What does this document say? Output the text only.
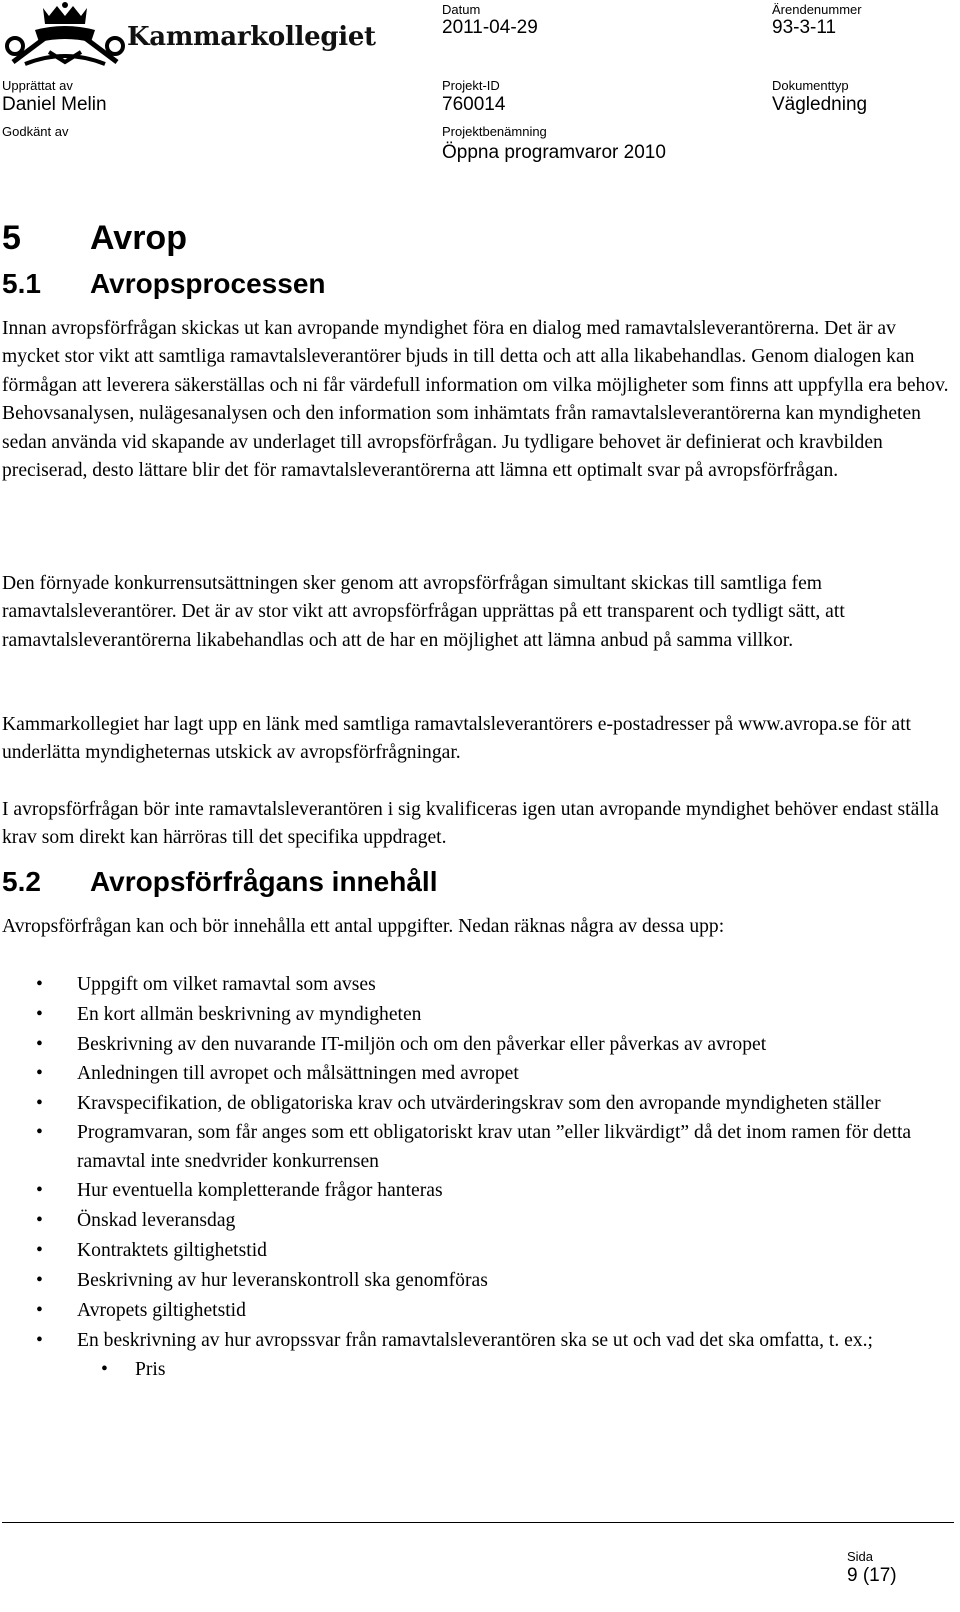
Kammarkollegiet
Datum
2011-04-29
Ärendenummer
93-3-11
Upprättat av
Daniel Melin
Projekt-ID
760014
Dokumenttyp
Vägledning
Godkänt av	Projektbenämning
Öppna programvaror 2010
5 Avrop
5.1 Avropsprocessen

Innan avropsförfrågan skickas ut kan avropande myndighet föra en dialog med ramavtalsleverantörerna. Det är av mycket stor vikt att samtliga ramavtalsleverantörer bjuds in till detta och att alla likabehandlas. Genom dialogen kan förmågan att leverera säkerställas och ni får värdefull information om vilka möjligheter som finns att uppfylla era behov. Behovsanalysen, nulägesanalysen och den information som inhämtats från ramavtalsleverantörerna kan myndigheten sedan använda vid skapande av underlaget till avropsförfrågan. Ju tydligare behovet är definierat och kravbilden preciserad, desto lättare blir det för ramavtalsleverantörerna att lämna ett optimalt svar på avropsförfrågan.

Den förnyade konkurrensutsättningen sker genom att avropsförfrågan simultant skickas till samtliga fem ramavtalsleverantörer. Det är av stor vikt att avropsförfrågan upprättas på ett transparent och tydligt sätt, att ramavtalsleverantörerna likabehandlas och att de har en möjlighet att lämna anbud på samma villkor.

Kammarkollegiet har lagt upp en länk med samtliga ramavtalsleverantörers e-postadresser på www.avropa.se för att underlätta myndigheternas utskick av avropsförfrågningar.

I avropsförfrågan bör inte ramavtalsleverantören i sig kvalificeras igen utan avropande myndighet behöver endast ställa krav som direkt kan härröras till det specifika uppdraget.

5.2 Avropsförfrågans innehåll

Avropsförfrågan kan och bör innehålla ett antal uppgifter. Nedan räknas några av dessa upp:

• Uppgift om vilket ramavtal som avses
• En kort allmän beskrivning av myndigheten
• Beskrivning av den nuvarande IT-miljön och om den påverkar eller påverkas av avropet
• Anledningen till avropet och målsättningen med avropet
• Kravspecifikation, de obligatoriska krav och utvärderingskrav som den avropande myndigheten ställer
• Programvaran, som får anges som ett obligatoriskt krav utan ”eller likvärdigt” då det inom ramen för detta ramavtal inte snedvrider konkurrensen
• Hur eventuella kompletterande frågor hanteras
• Önskad leveransdag
• Kontraktets giltighetstid
• Beskrivning av hur leveranskontroll ska genomföras
• Avropets giltighetstid
• En beskrivning av hur avropssvar från ramavtalsleverantören ska se ut och vad det ska omfatta, t. ex.;
• Pris
Sida
9 (17)
